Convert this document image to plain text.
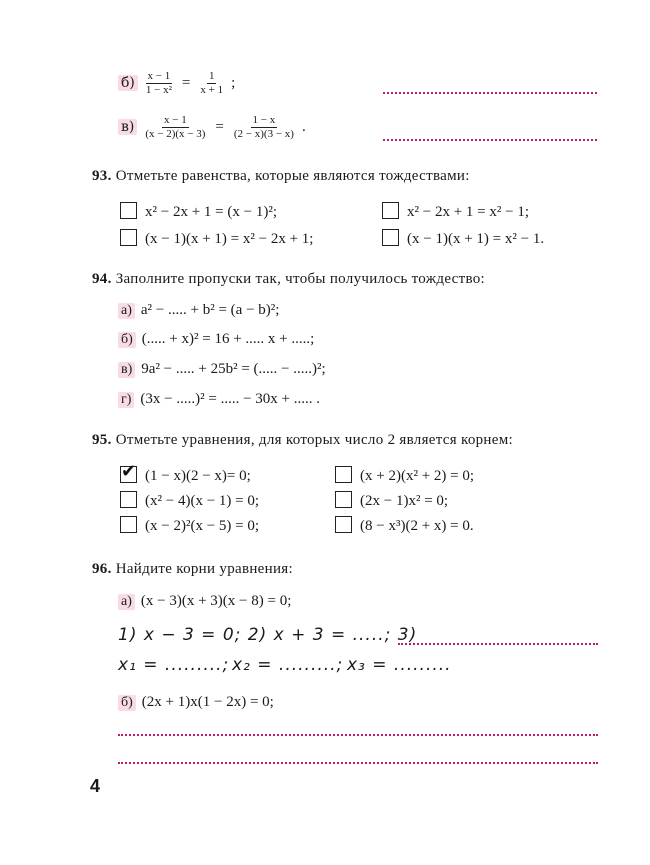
$б) \frac{x - 1}{\text{1 − x²}} = \frac{1}{x + 1}$ ;
$в) \frac{x - 1}{(x - 2)(x - 3)} = \frac{1 - x}{(2 - x)(3 - x)}$ .
93. Отметьте равенства, которые являются тождествами:
x² − 2x + 1 = (x − 1)²;	x² − 2x + 1 = x² − 1;
(x − 1)(x + 1) = x² − 2x + 1;	(x − 1)(x + 1) = x² − 1.
94. Заполните пропуски так, чтобы получилось тождество:
а) a² − ..... + b² = (a − b)²;
б) (..... + x)² = 16 + ..... x + .....;
в) 9a² − ..... + 25b² = (..... − .....)²;
г) (3x − .....)² = ..... − 30x + ..... .
95. Отметьте уравнения, для которых число 2 является корнем:
✔ (1 − x)(2 − x)= 0;	(x + 2)(x² + 2) = 0;
(x² − 4)(x − 1) = 0;	(2x − 1)x² = 0;
(x − 2)²(x − 5) = 0;	(8 − x³)(2 + x) = 0.
96. Найдите корни уравнения:
а) (x − 3)(x + 3)(x − 8) = 0;
1) x − 3 = 0; 2) x + 3 = .....; 3)
x₁ = .........; x₂ = .........; x₃ = .........
б) (2x + 1)x(1 − 2x) = 0;
4
